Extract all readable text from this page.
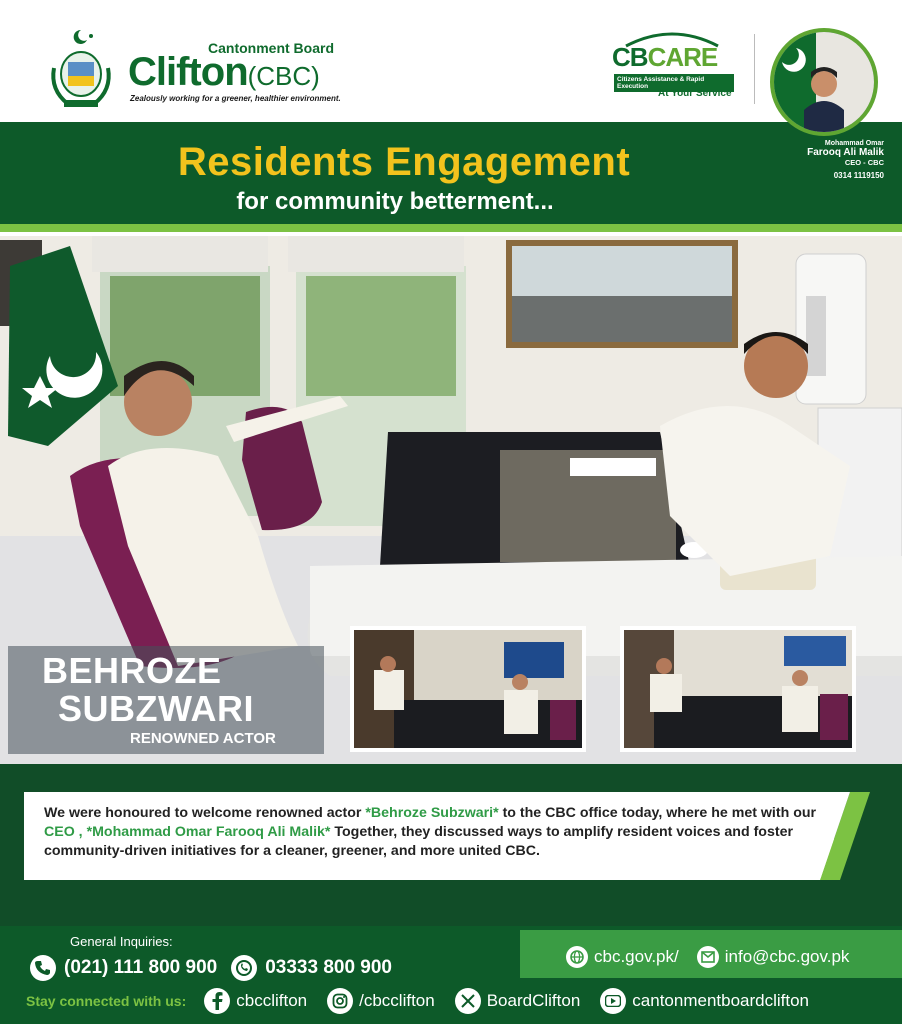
Cantonment Board
Clifton(CBC)
Zealously working for a greener, healthier environment.
CBCARE
Citizens Assistance & Rapid Execution
At Your Service
Residents Engagement
for community betterment...
Mohammad Omar
Farooq Ali Malik
CEO - CBC
0314 1119150
BEHROZE
SUBZWARI
RENOWNED ACTOR
We were honoured to welcome renowned actor *Behroze Subzwari* to the CBC office today, where he met with our CEO , *Mohammad Omar Farooq Ali Malik* Together, they discussed ways to amplify resident voices and foster community-driven initiatives for a cleaner, greener, and more united CBC.
General Inquiries:
(021) 111 800 900	03333 800 900
cbc.gov.pk/	info@cbc.gov.pk
Stay connected with us:	cbcclifton	/cbcclifton	BoardClifton	cantonmentboardclifton
